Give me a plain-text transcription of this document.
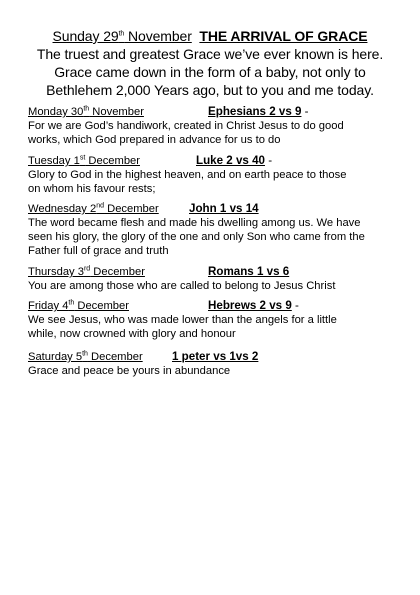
Sunday 29th November THE ARRIVAL OF GRACE
The truest and greatest Grace we’ve ever known is here.
Grace came down in the form of a baby, not only to
Bethlehem 2,000 Years ago, but to you and me today.
Monday 30th November	Ephesians 2 vs 9 -
For we are God’s handiwork, created in Christ Jesus to do good
works, which God prepared in advance for us to do
Tuesday 1st December	Luke 2 vs 40 -
Glory to God in the highest heaven, and on earth peace to those
on whom his favour rests;
Wednesday 2nd December	John 1 vs 14
The word became flesh and made his dwelling among us. We have
seen his glory, the glory of the one and only Son who came from the
Father full of grace and truth
Thursday 3rd December	Romans 1 vs 6
You are among those who are called to belong to Jesus Christ
Friday 4th December	Hebrews 2 vs 9 -
We see Jesus, who was made lower than the angels for a little
while, now crowned with glory and honour
Saturday 5th December	1 peter vs 1vs 2
Grace and peace be yours in abundance
